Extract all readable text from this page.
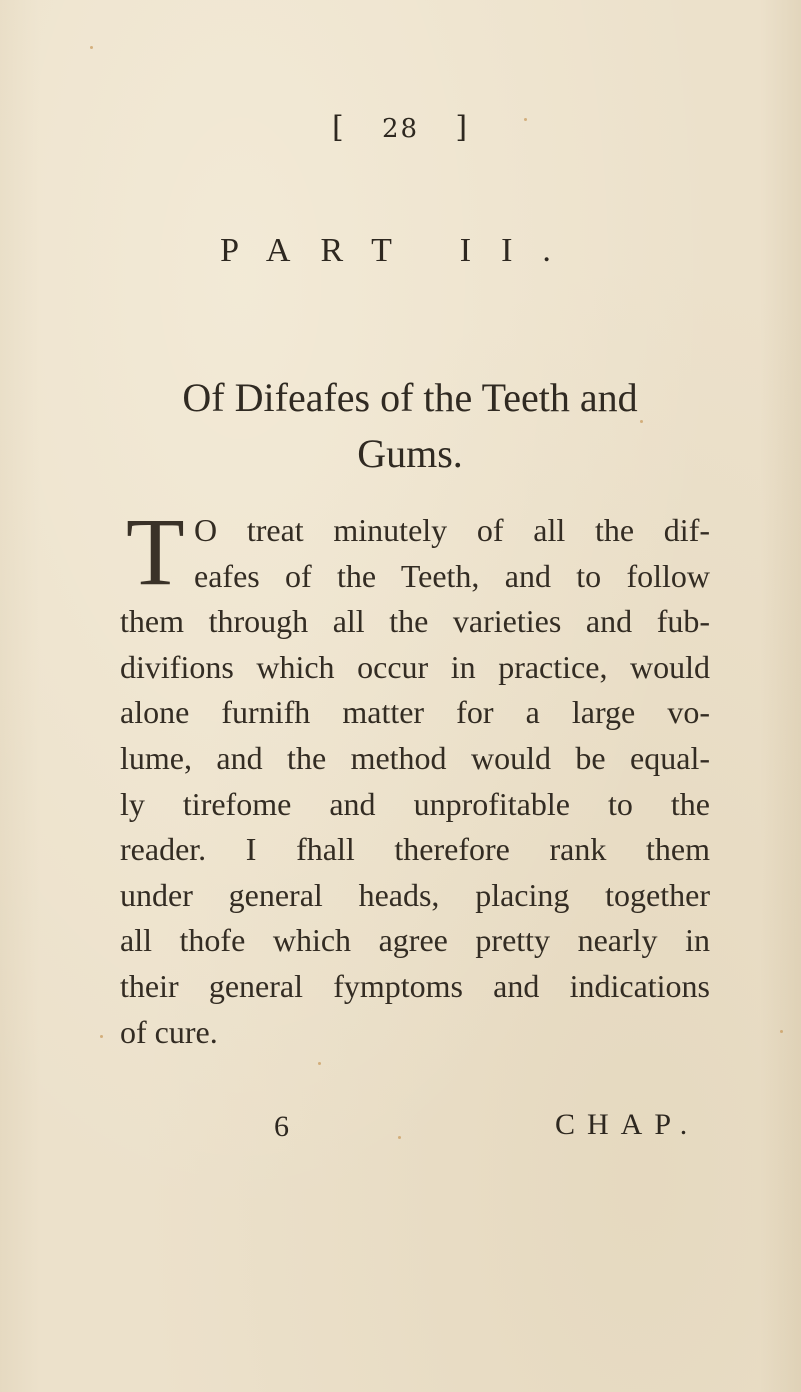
[ 28 ]
PART II.
Of Difeafes of the Teeth and
Gums.
T O treat minutely of all the dif-
eafes of the Teeth, and to follow
them through all the varieties and fub-
divifions which occur in practice, would
alone furnifh matter for a large vo-
lume, and the method would be equal-
ly tirefome and unprofitable to the
reader. I fhall therefore rank them
under general heads, placing together
all thofe which agree pretty nearly in
their general fymptoms and indications
of cure.
6	CHAP.
